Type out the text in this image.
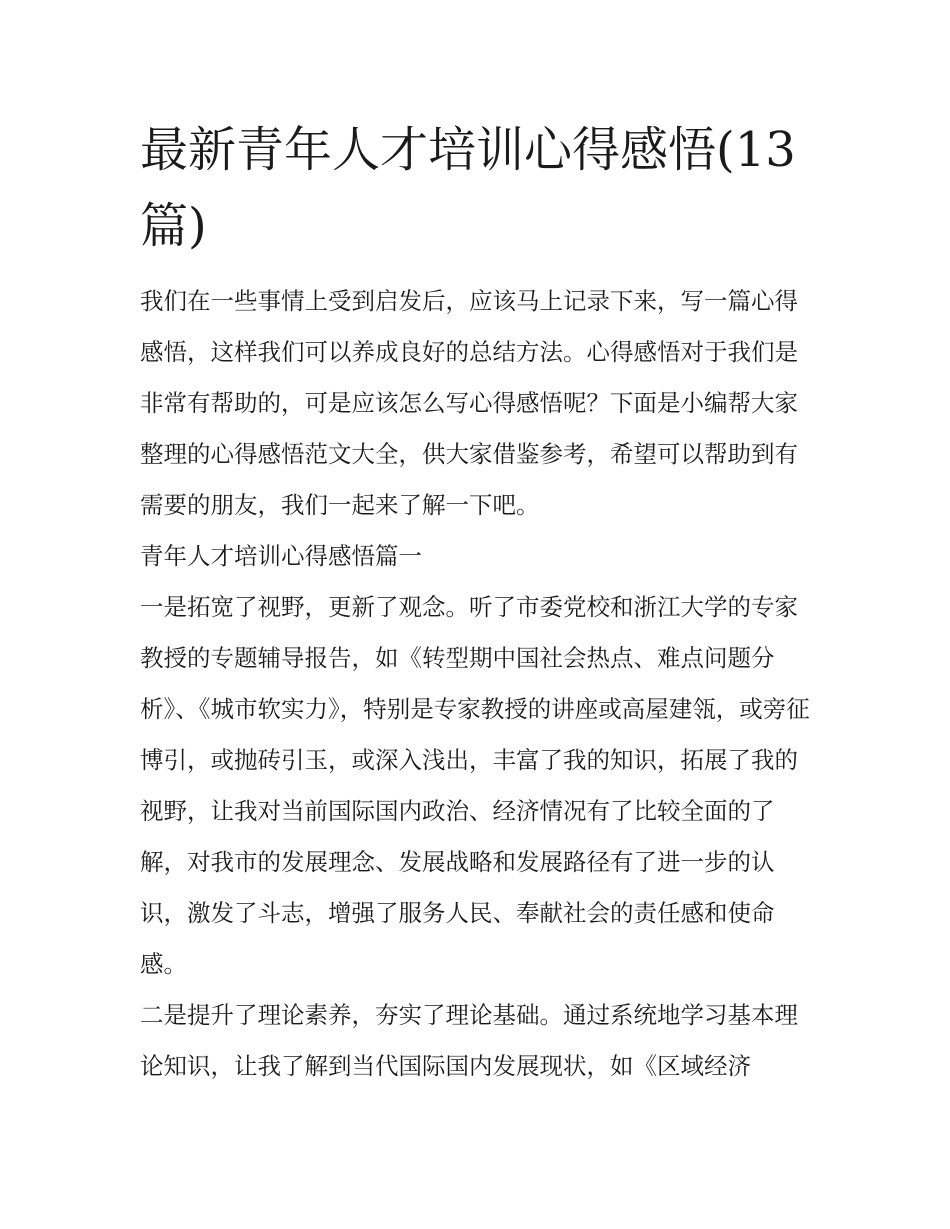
最新青年人才培训心得感悟(13篇)

我们在一些事情上受到启发后，应该马上记录下来，写一篇心得感悟，这样我们可以养成良好的总结方法。心得感悟对于我们是非常有帮助的，可是应该怎么写心得感悟呢？下面是小编帮大家整理的心得感悟范文大全，供大家借鉴参考，希望可以帮助到有需要的朋友，我们一起来了解一下吧。

青年人才培训心得感悟篇一

一是拓宽了视野，更新了观念。听了市委党校和浙江大学的专家教授的专题辅导报告，如《转型期中国社会热点、难点问题分析》、《城市软实力》，特别是专家教授的讲座或高屋建瓴，或旁征博引，或抛砖引玉，或深入浅出，丰富了我的知识，拓展了我的视野，让我对当前国际国内政治、经济情况有了比较全面的了解，对我市的发展理念、发展战略和发展路径有了进一步的认识，激发了斗志，增强了服务人民、奉献社会的责任感和使命感。

二是提升了理论素养，夯实了理论基础。通过系统地学习基本理论知识，让我了解到当代国际国内发展现状，如《区域经济
